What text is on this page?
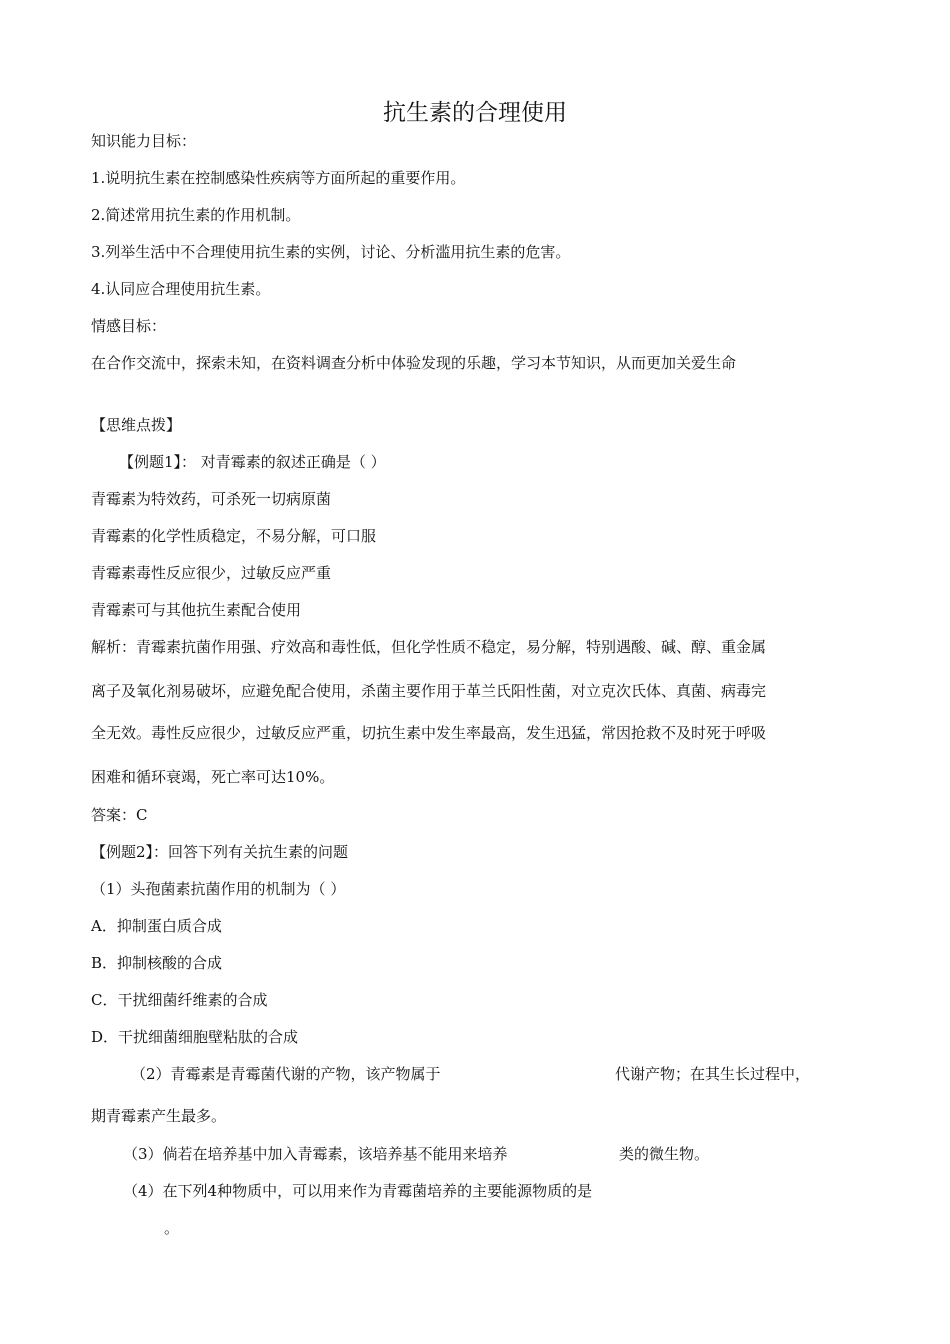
抗生素的合理使用
知识能力目标：
1.说明抗生素在控制感染性疾病等方面所起的重要作用。
2.简述常用抗生素的作用机制。
3.列举生活中不合理使用抗生素的实例，讨论、分析滥用抗生素的危害。
4.认同应合理使用抗生素。
情感目标：
在合作交流中，探索未知，在资料调查分析中体验发现的乐趣，学习本节知识，从而更加关爱生命
【思维点拨】
【例题1】： 对青霉素的叙述正确是（ ）
青霉素为特效药，可杀死一切病原菌
青霉素的化学性质稳定，不易分解，可口服
青霉素毒性反应很少，过敏反应严重
青霉素可与其他抗生素配合使用
解析：青霉素抗菌作用强、疗效高和毒性低，但化学性质不稳定，易分解，特别遇酸、碱、醇、重金属
离子及氧化剂易破坏，应避免配合使用，杀菌主要作用于革兰氏阳性菌，对立克次氏体、真菌、病毒完
全无效。毒性反应很少，过敏反应严重，切抗生素中发生率最高，发生迅猛，常因抢救不及时死于呼吸
困难和循环衰竭，死亡率可达10%。
答案：C
【例题2】：回答下列有关抗生素的问题
（1）头孢菌素抗菌作用的机制为（ ）
A．抑制蛋白质合成
B．抑制核酸的合成
C．干扰细菌纤维素的合成
D．干扰细菌细胞壁粘肽的合成
（2）青霉素是青霉菌代谢的产物，该产物属于	代谢产物；在其生长过程中，
期青霉素产生最多。
（3）倘若在培养基中加入青霉素，该培养基不能用来培养	类的微生物。
（4）在下列4种物质中，可以用来作为青霉菌培养的主要能源物质的是
。
